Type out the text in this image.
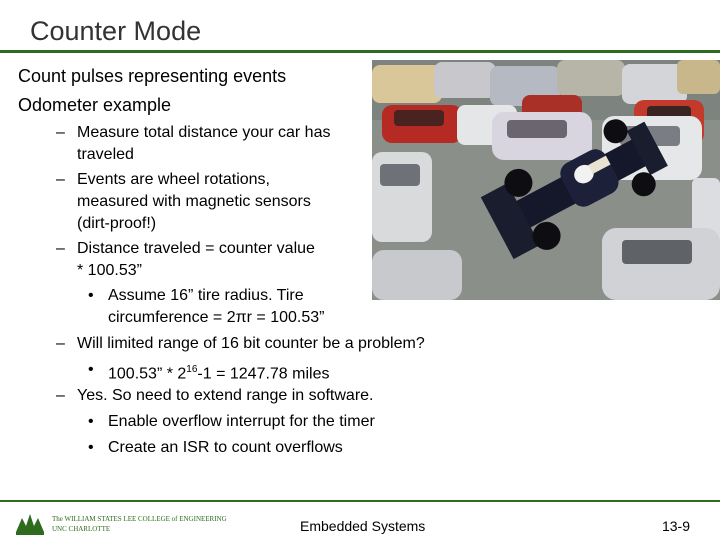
Counter Mode
Count pulses representing events
Odometer example
– Measure total distance your car has
traveled
– Events are wheel rotations,
measured with magnetic sensors
(dirt-proof!)
– Distance traveled = counter value
* 100.53”
• Assume 16” tire radius. Tire
circumference = 2πr = 100.53”
– Will limited range of 16 bit counter be a problem?
• 100.53” * $2^{16}-1 = 1247.78$ miles
– Yes. So need to extend range in software.
• Enable overflow interrupt for the timer
• Create an ISR to count overflows
The WILLIAM STATES LEE COLLEGE of ENGINEERING
UNC CHARLOTTE	Embedded Systems	13-9
